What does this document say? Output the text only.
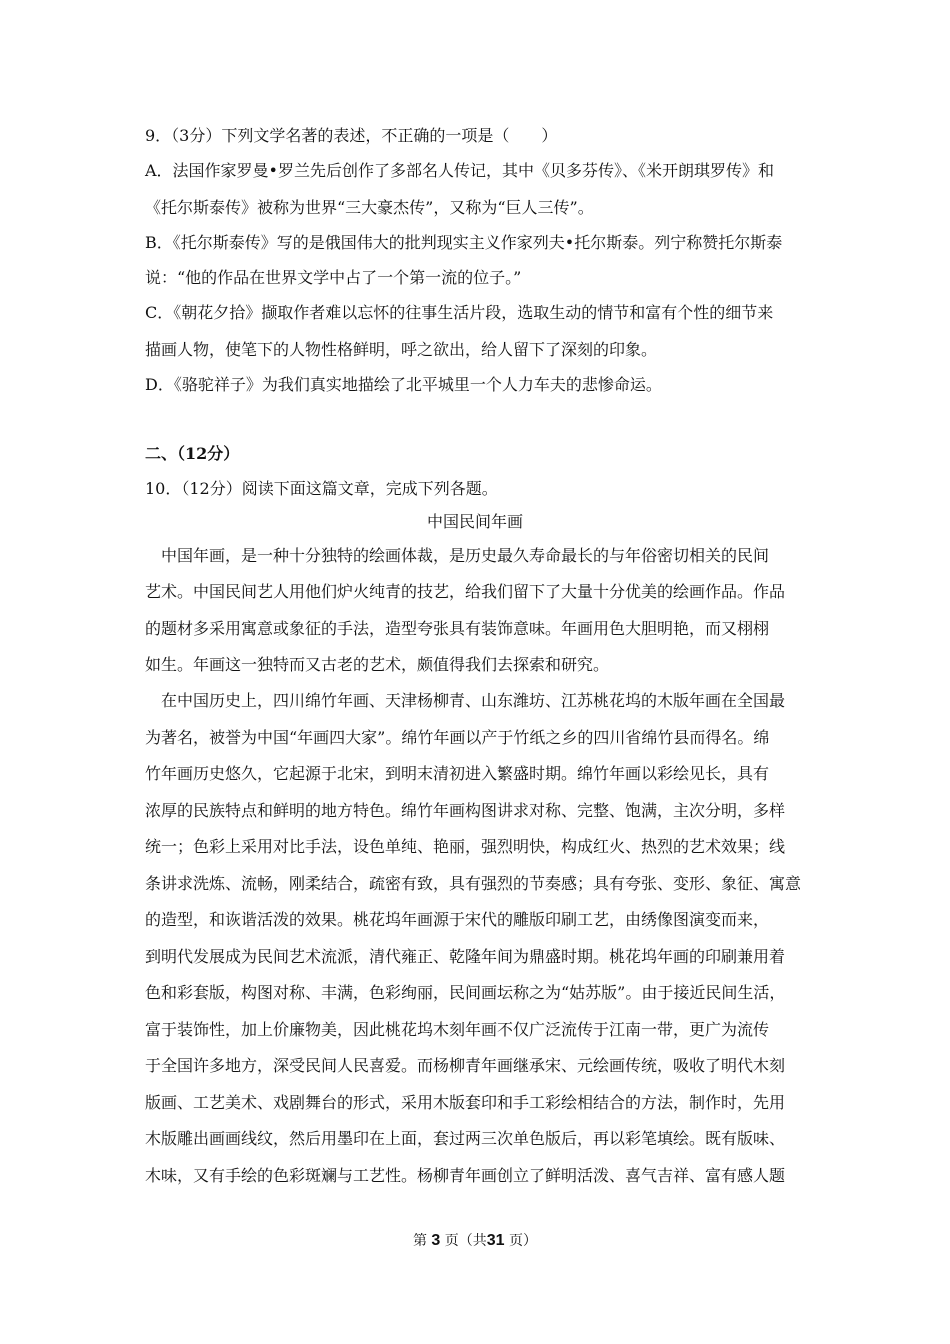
9．（3分）下列文学名著的表述，不正确的一项是（　　）
A．法国作家罗曼•罗兰先后创作了多部名人传记，其中《贝多芬传》、《米开朗琪罗传》和
《托尔斯泰传》被称为世界“三大豪杰传”，又称为“巨人三传”。
B．《托尔斯泰传》写的是俄国伟大的批判现实主义作家列夫•托尔斯泰。列宁称赞托尔斯泰
说：“他的作品在世界文学中占了一个第一流的位子。”
C．《朝花夕拾》撷取作者难以忘怀的往事生活片段，选取生动的情节和富有个性的细节来
描画人物，使笔下的人物性格鲜明，呼之欲出，给人留下了深刻的印象。
D．《骆驼祥子》为我们真实地描绘了北平城里一个人力车夫的悲惨命运。
二、（12分）
10．（12分）阅读下面这篇文章，完成下列各题。
中国民间年画
中国年画，是一种十分独特的绘画体裁，是历史最久寿命最长的与年俗密切相关的民间
艺术。中国民间艺人用他们炉火纯青的技艺，给我们留下了大量十分优美的绘画作品。作品
的题材多采用寓意或象征的手法，造型夸张具有装饰意味。年画用色大胆明艳，而又栩栩
如生。年画这一独特而又古老的艺术，颇值得我们去探索和研究。
在中国历史上，四川绵竹年画、天津杨柳青、山东潍坊、江苏桃花坞的木版年画在全国最
为著名，被誉为中国“年画四大家”。绵竹年画以产于竹纸之乡的四川省绵竹县而得名。绵
竹年画历史悠久，它起源于北宋，到明末清初进入繁盛时期。绵竹年画以彩绘见长，具有
浓厚的民族特点和鲜明的地方特色。绵竹年画构图讲求对称、完整、饱满，主次分明，多样
统一；色彩上采用对比手法，设色单纯、艳丽，强烈明快，构成红火、热烈的艺术效果；线
条讲求洗炼、流畅，刚柔结合，疏密有致，具有强烈的节奏感；具有夸张、变形、象征、寓意
的造型，和诙谐活泼的效果。桃花坞年画源于宋代的雕版印刷工艺，由绣像图演变而来，
到明代发展成为民间艺术流派，清代雍正、乾隆年间为鼎盛时期。桃花坞年画的印刷兼用着
色和彩套版，构图对称、丰满，色彩绚丽，民间画坛称之为“姑苏版”。由于接近民间生活，
富于装饰性，加上价廉物美，因此桃花坞木刻年画不仅广泛流传于江南一带，更广为流传
于全国许多地方，深受民间人民喜爱。而杨柳青年画继承宋、元绘画传统，吸收了明代木刻
版画、工艺美术、戏剧舞台的形式，采用木版套印和手工彩绘相结合的方法，制作时，先用
木版雕出画画线纹，然后用墨印在上面，套过两三次单色版后，再以彩笔填绘。既有版味、
木味，又有手绘的色彩斑斓与工艺性。杨柳青年画创立了鲜明活泼、喜气吉祥、富有感人题
第 3 页（共31 页）
